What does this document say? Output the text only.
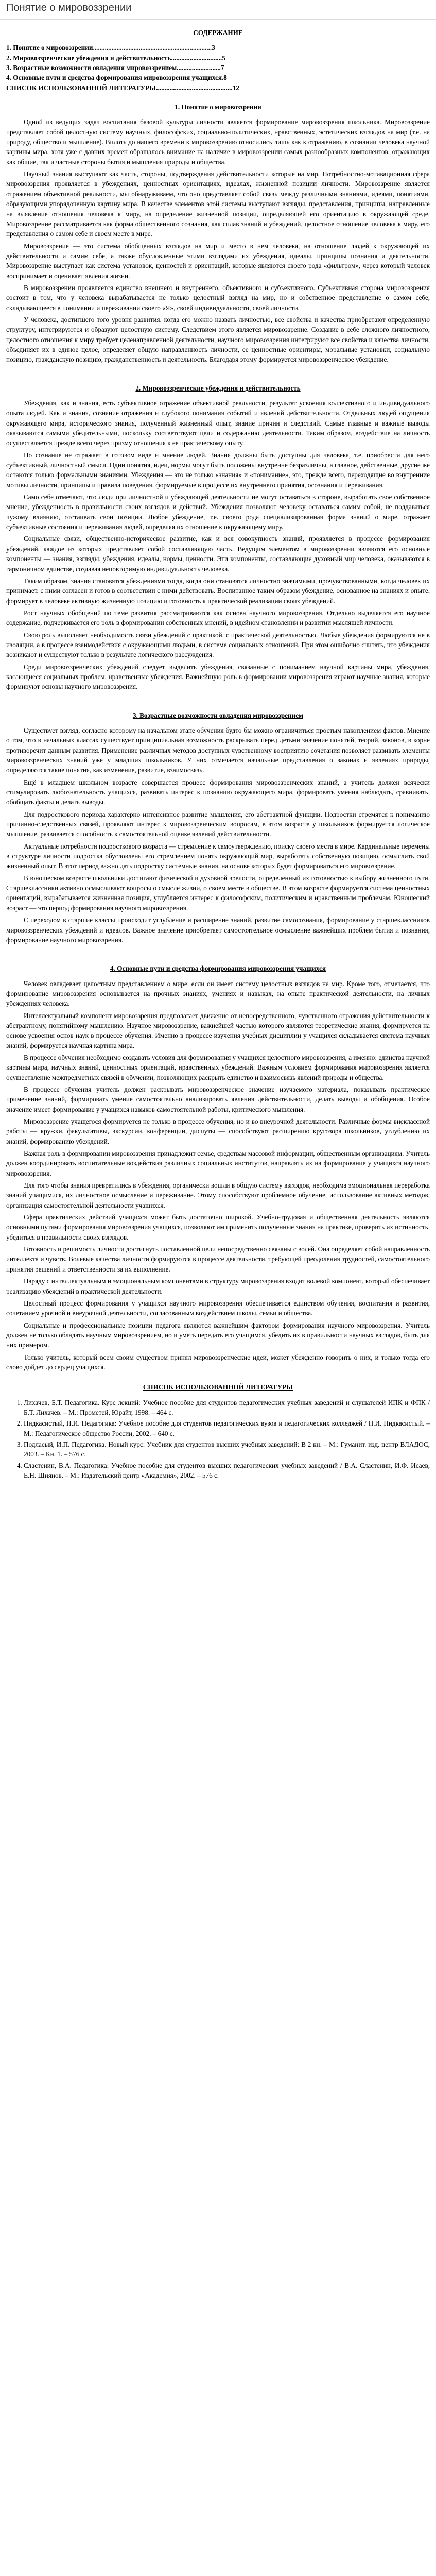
Понятие о мировоззрении
СОДЕРЖАНИЕ
1. Понятие о мировоззрении......................................................................3
2. Мировоззренческие убеждения и действительность..............................5
3. Возрастные возможности овладения мировоззрением..........................7
4. Основные пути и средства формирования мировоззрения учащихся.8
СПИСОК ИСПОЛЬЗОВАННОЙ ЛИТЕРАТУРЫ.............................................12
1. Понятие о мировоззрении

Одной из ведущих задач воспитания базовой культуры личности является формирование мировоззрения школьника. Мировоззрение представляет собой целостную систему научных, философских, социально-политических, нравственных, эстетических взглядов на мир (т.е. на природу, общество и мышление). Вплоть до нашего времени к мировоззрению относились лишь как к отражению, в сознании человека научной картины мира, хотя уже с давних времен обращалось внимание на наличие в мировоззрении самых разнообразных компонентов, отражающих как общие, так и частные стороны бытия и мышления природы и общества.

Научный знания выступают как часть, стороны, подтверждения действительности которые на мир. Потребностно-мотивационная сфера мировоззрения проявляется в убеждениях, ценностных ориентациях, идеалах, жизненной позиции личности. Мировоззрение является отражением объективной реальности, мы обнаруживаем, что оно представляет собой связь между различными знаниями, идеями, понятиями, образующими упорядоченную картину мира. В качестве элементов этой системы выступают взгляды, представления, принципы, направленные на выявление отношения человека к миру, на определение жизненной позиции, определяющей его ориентацию в окружающей среде. Мировоззрение рассматривается как форма общественного сознания, как сплав знаний и убеждений, целостное отношение человека к миру, его представления о самом себе и своем месте в мире.

Мировоззрение — это система обобщенных взглядов на мир и место в нем человека, на отношение людей к окружающей их действительности и самим себе, а также обусловленные этими взглядами их убеждения, идеалы, принципы познания и деятельности. Мировоззрение выступает как система установок, ценностей и ориентаций, которые являются своего рода «фильтром», через который человек воспринимает и оценивает явления жизни.

В мировоззрении проявляется единство внешнего и внутреннего, объективного и субъективного. Субъективная сторона мировоззрения состоит в том, что у человека вырабатывается не только целостный взгляд на мир, но и собственное представление о самом себе, складывающееся в понимании и переживании своего «Я», своей индивидуальности, своей личности.

У человека, достигшего того уровня развития, когда его можно назвать личностью, все свойства и качества приобретают определенную структуру, интегрируются и образуют целостную систему. Следствием этого является мировоззрение. Создание в себе сложного личностного, целостного отношения к миру требует целенаправленной деятельности, научного мировоззрения интегрируют все свойства и качества личности, объединяет их в единое целое, определяет общую направленность личности, ее ценностные ориентиры, моральные установки, социальную позицию, гражданскую позицию, гражданственность и деятельность. Благодаря этому формируется мировоззренческое убеждение.

2. Мировоззренческие убеждения и действительность

Убеждения, как и знания, есть субъективное отражение объективной реальности, результат усвоения коллективного и индивидуального опыта людей. Как и знания, сознание отражения и глубокого понимания событий и явлений действительности. Отдельных людей ощущения окружающего мира, исторического знания, полученный жизненный опыт, знание причин и следствий. Самые главные и важные выводы оказываются самыми убедительными, поскольку соответствуют цели и содержанию деятельности. Таким образом, воздействие на личность осуществляется прежде всего через призму отношения к ее практическому опыту.

Но сознание не отражает в готовом виде и мнение людей. Знания должны быть доступны для человека, т.е. приобрести для него субъективный, личностный смысл. Одни понятия, идеи, нормы могут быть положены внутренне безразличны, а главное, действенные, другие же остаются только формальными знаниями. Убеждения — это не только «знания» и «понимание», это, прежде всего, переходящие во внутренние мотивы личности, принципы и правила поведения, формируемые в процессе их внутреннего принятия, осознания и переживания.

Само себе отмечают, что люди при личностной и убеждающей деятельности не могут оставаться в стороне, выработать свое собственное мнение, убежденность в правильности своих взглядов и действий. Убеждения позволяют человеку оставаться самим собой, не поддаваться чужому влиянию, отстаивать свои позиции. Любое убеждение, т.е. своего рода специализированная форма знаний о мире, отражает субъективные состояния и переживания людей, определяя их отношение к окружающему миру.

Социальные связи, общественно-историческое развитие, как и вся совокупность знаний, проявляется в процессе формирования убеждений, каждое из которых представляет собой составляющую часть. Ведущим элементом в мировоззрении являются его основные компоненты — знания, взгляды, убеждения, идеалы, нормы, ценности. Эти компоненты, составляющие духовный мир человека, оказываются в гармоничном единстве, создавая неповторимую индивидуальность человека.

Таким образом, знания становятся убеждениями тогда, когда они становятся личностно значимыми, прочувствованными, когда человек их принимает, с ними согласен и готов в соответствии с ними действовать. Воспитанное таким образом убеждение, основанное на знаниях и опыте, формирует в человеке активную жизненную позицию и готовность к практической реализации своих убеждений.

Рост научных обобщений по теме развития рассматриваются как основа научного мировоззрения. Отдельно выделяется его научное содержание, подчеркивается его роль в формировании собственных мнений, в идейном становлении и развитии мыслящей личности.

Свою роль выполняет необходимость связи убеждений с практикой, с практической деятельностью. Любые убеждения формируются не в изоляции, а в процессе взаимодействия с окружающими людьми, в системе социальных отношений. При этом ошибочно считать, что убеждения возникают и существуют только в результате логического рассуждения.

Среди мировоззренческих убеждений следует выделить убеждения, связанные с пониманием научной картины мира, убеждения, касающиеся социальных проблем, нравственные убеждения. Важнейшую роль в формировании мировоззрения играют научные знания, которые формируют основы научного мировоззрения.

3. Возрастные возможности овладения мировоззрением

Существует взгляд, согласно которому на начальном этапе обучения будто бы можно ограничиться простым накоплением фактов. Мнение о том, что в начальных классах существует принципиальная возможность раскрывать перед детьми значение понятий, теорий, законов, в корне противоречит данным развития. Применение различных методов доступных чувственному восприятию сочетания позволяет развивать элементы мировоззренческих знаний уже у младших школьников. У них отмечается начальные представления о законах и явлениях природы, определяются такие понятия, как изменение, развитие, взаимосвязь.

Ещё в младшем школьном возрасте совершается процесс формирования мировоззренческих знаний, а учитель должен всячески стимулировать любознательность учащихся, развивать интерес к познанию окружающего мира, формировать умения наблюдать, сравнивать, обобщать факты и делать выводы.

Для подросткового периода характерно интенсивное развитие мышления, его абстрактной функции. Подростки стремятся к пониманию причинно-следственных связей, проявляют интерес к мировоззренческим вопросам, в этом возрасте у школьников формируется логическое мышление, развивается способность к самостоятельной оценке явлений действительности.

Актуальные потребности подросткового возраста — стремление к самоутверждению, поиску своего места в мире. Кардинальные перемены в структуре личности подростка обусловлены его стремлением понять окружающий мир, выработать собственную позицию, осмыслить свой жизненный опыт. В этот период важно дать подростку системные знания, на основе которых будет формироваться его мировоззрение.

В юношеском возрасте школьники достигают физической и духовной зрелости, определенный их готовностью к выбору жизненного пути. Старшеклассники активно осмысливают вопросы о смысле жизни, о своем месте в обществе. В этом возрасте формируется система ценностных ориентаций, вырабатывается жизненная позиция, углубляется интерес к философским, политическим и нравственным проблемам. Юношеский возраст — это период формирования научного мировоззрения.

С переходом в старшие классы происходит углубление и расширение знаний, развитие самосознания, формирование у старшеклассников мировоззренческих убеждений и идеалов. Важное значение приобретает самостоятельное осмысление важнейших проблем бытия и познания, формирование научного мировоззрения.

4. Основные пути и средства формирования мировоззрения учащихся

Человек овладевает целостным представлением о мире, если он имеет систему целостных взглядов на мир. Кроме того, отмечается, что формирование мировоззрения основывается на прочных знаниях, умениях и навыках, на опыте практической деятельности, на личных убеждениях человека.

Интеллектуальный компонент мировоззрения предполагает движение от непосредственного, чувственного отражения действительности к абстрактному, понятийному мышлению. Научное мировоззрение, важнейшей частью которого являются теоретические знания, формируется на основе усвоения основ наук в процессе обучения. Именно в процессе изучения учебных дисциплин у учащихся складывается система научных знаний, формируется научная картина мира.

В процессе обучения необходимо создавать условия для формирования у учащихся целостного мировоззрения, а именно: единства научной картины мира, научных знаний, ценностных ориентаций, нравственных убеждений. Важным условием формирования мировоззрения является осуществление межпредметных связей в обучении, позволяющих раскрыть единство и взаимосвязь явлений природы и общества.

В процессе обучения учитель должен раскрывать мировоззренческое значение изучаемого материала, показывать практическое применение знаний, формировать умение самостоятельно анализировать явления действительности, делать выводы и обобщения. Особое значение имеет формирование у учащихся навыков самостоятельной работы, критического мышления.

Мировоззрение учащегося формируется не только в процессе обучения, но и во внеурочной деятельности. Различные формы внеклассной работы — кружки, факультативы, экскурсии, конференции, диспуты — способствуют расширению кругозора школьников, углублению их знаний, формированию убеждений.

Важная роль в формировании мировоззрения принадлежит семье, средствам массовой информации, общественным организациям. Учитель должен координировать воспитательные воздействия различных социальных институтов, направлять их на формирование у учащихся научного мировоззрения.

Для того чтобы знания превратились в убеждения, органически вошли в общую систему взглядов, необходима эмоциональная переработка знаний учащимися, их личностное осмысление и переживание. Этому способствуют проблемное обучение, использование активных методов, организация самостоятельной деятельности учащихся.

Сфера практических действий учащихся может быть достаточно широкой. Учебно-трудовая и общественная деятельность являются основными путями формирования мировоззрения учащихся, позволяют им применить полученные знания на практике, проверить их истинность, убедиться в правильности своих взглядов.

Готовность и решимость личности достигнуть поставленной цели непосредственно связаны с волей. Она определяет собой направленность интеллекта и чувств. Волевые качества личности формируются в процессе деятельности, требующей преодоления трудностей, самостоятельного принятия решений и ответственности за их выполнение.

Наряду с интеллектуальным и эмоциональным компонентами в структуру мировоззрения входит волевой компонент, который обеспечивает реализацию убеждений в практической деятельности.

Целостный процесс формирования у учащихся научного мировоззрения обеспечивается единством обучения, воспитания и развития, сочетанием урочной и внеурочной деятельности, согласованным воздействием школы, семьи и общества.

Социальные и профессиональные позиции педагога являются важнейшим фактором формирования научного мировоззрения. Учитель должен не только обладать научным мировоззрением, но и уметь передать его учащимся, убедить их в правильности научных взглядов, быть для них примером.

Только учитель, который всем своим существом принял мировоззренческие идеи, может убежденно говорить о них, и только тогда его слово дойдет до сердец учащихся.

СПИСОК ИСПОЛЬЗОВАННОЙ ЛИТЕРАТУРЫ
1. Лихачев, Б.Т. Педагогика. Курс лекций: Учебное пособие для студентов педагогических учебных заведений и слушателей ИПК и ФПК / Б.Т. Лихачев. – М.: Прометей, Юрайт, 1998. – 464 с.
2. Пидкасистый, П.И. Педагогика: Учебное пособие для студентов педагогических вузов и педагогических колледжей / П.И. Пидкасистый. – М.: Педагогическое общество России, 2002. – 640 с.
3. Подласый, И.П. Педагогика. Новый курс: Учебник для студентов высших учебных заведений: В 2 кн. – М.: Гуманит. изд. центр ВЛАДОС, 2003. – Кн. 1. – 576 с.
4. Сластенин, В.А. Педагогика: Учебное пособие для студентов высших педагогических учебных заведений / В.А. Сластенин, И.Ф. Исаев, Е.Н. Шиянов. – М.: Издательский центр «Академия», 2002. – 576 с.
